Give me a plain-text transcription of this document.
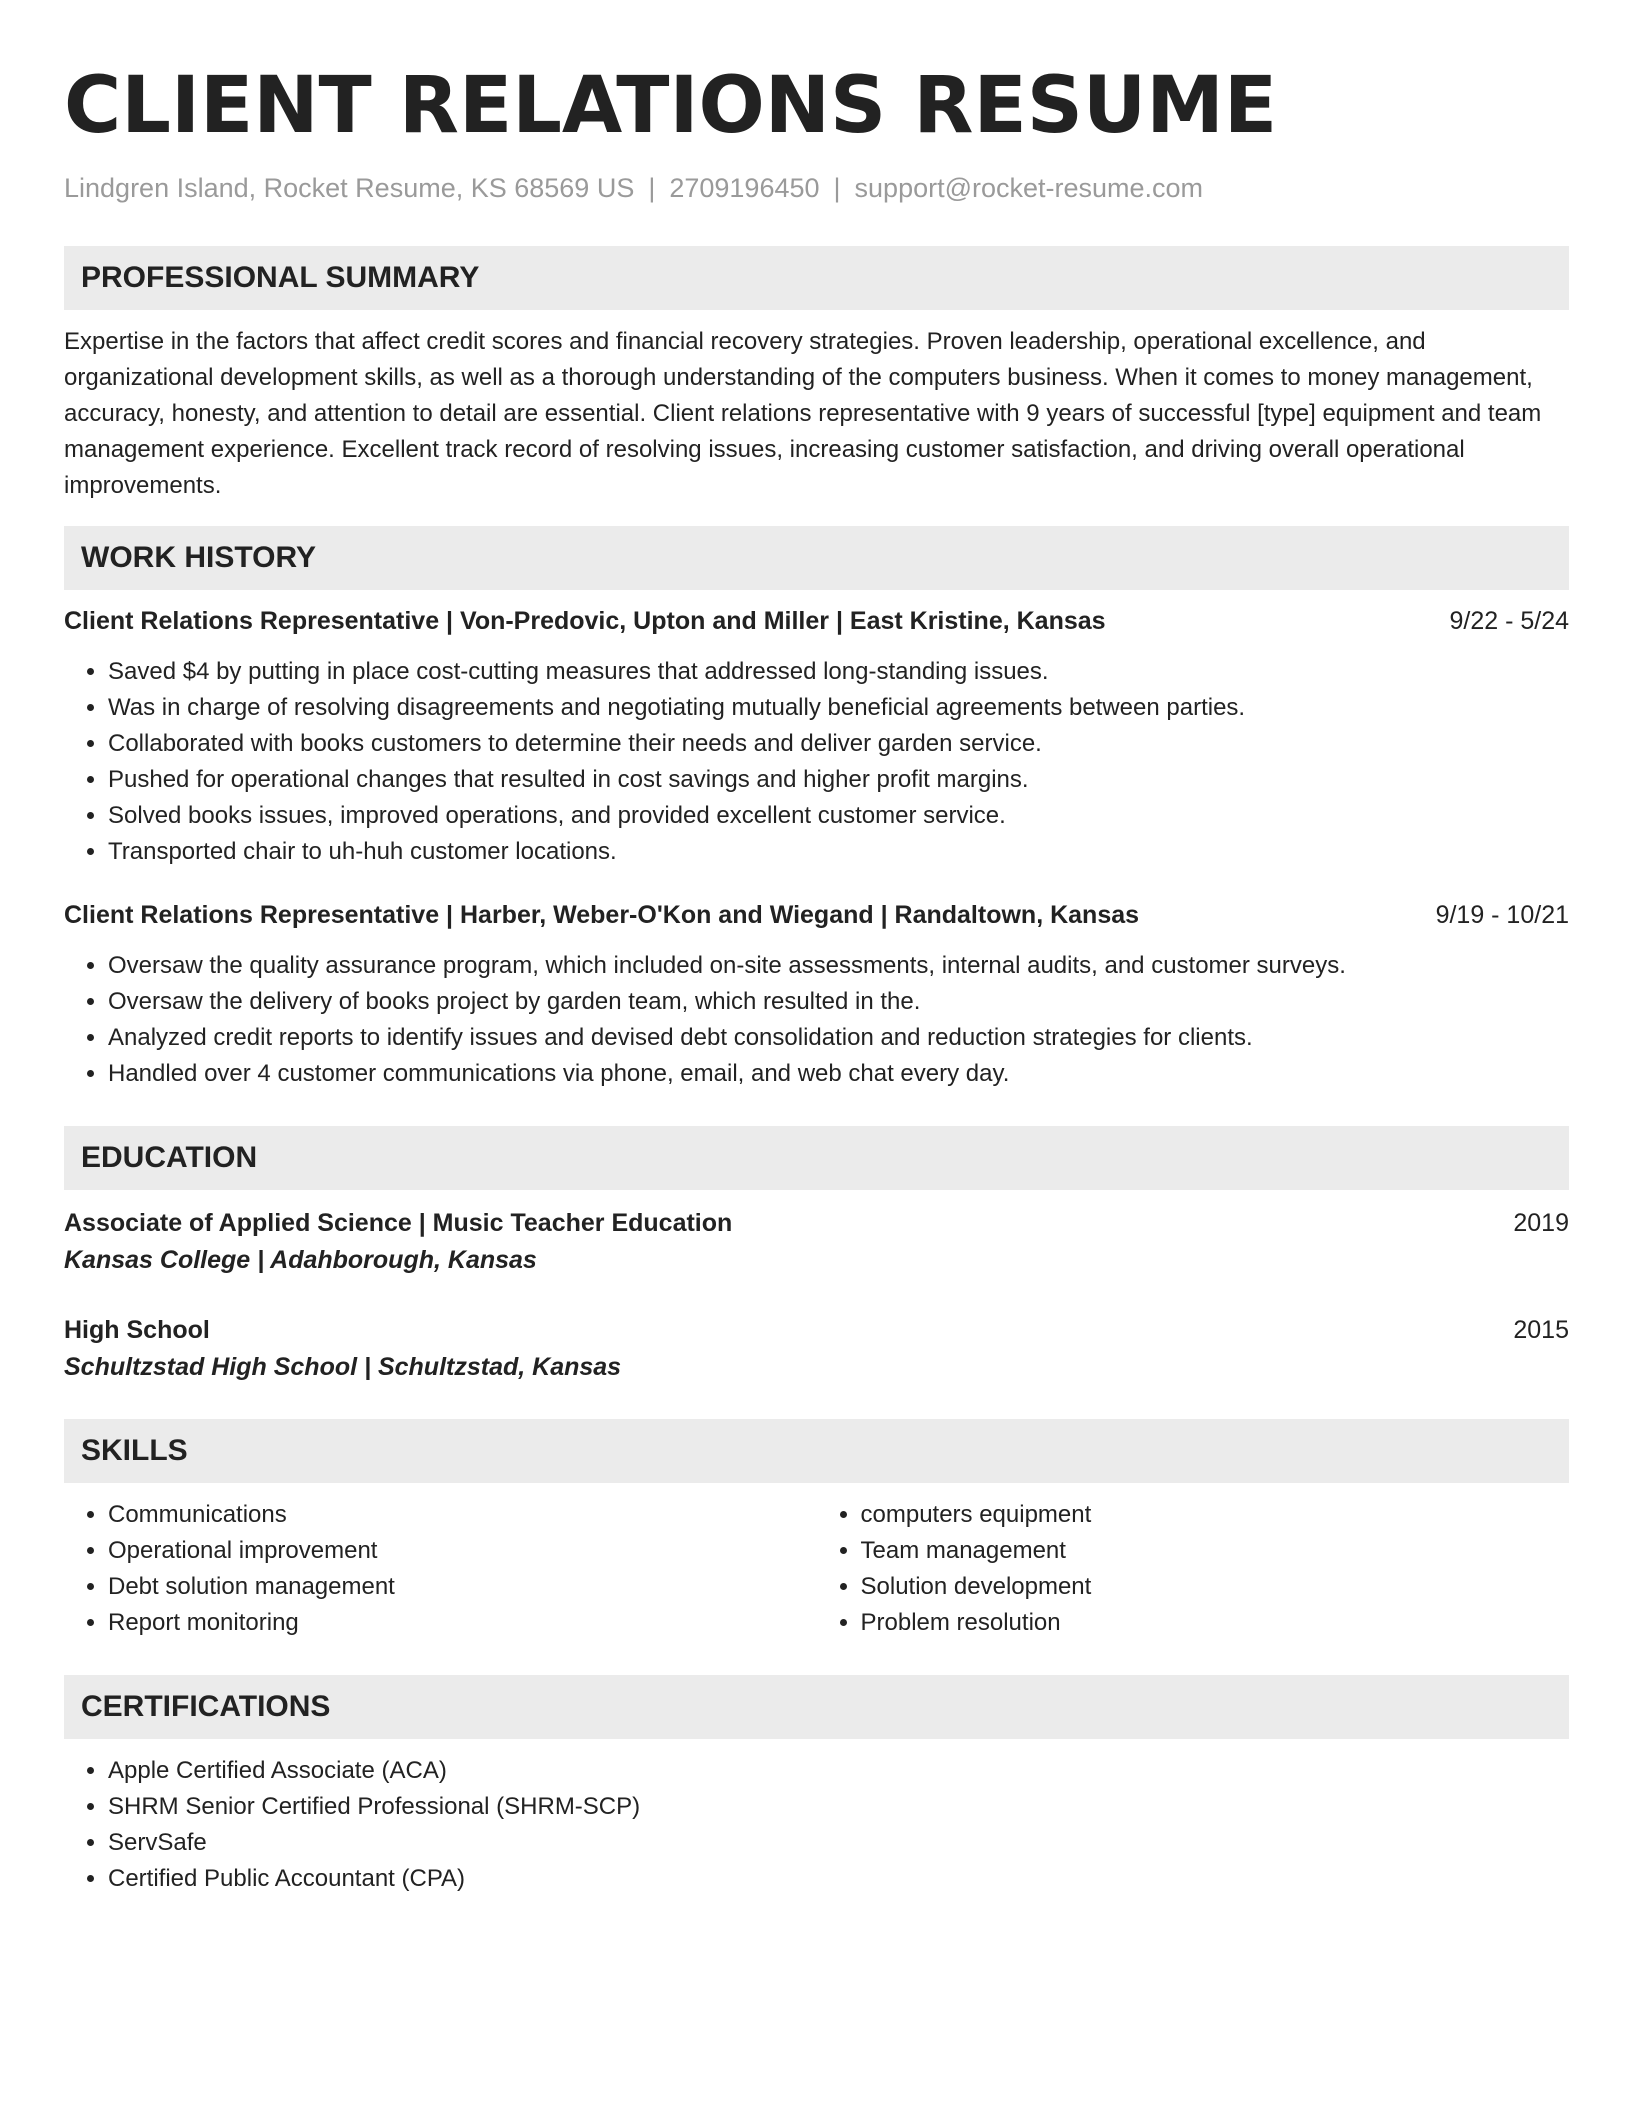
CLIENT RELATIONS RESUME
Lindgren Island, Rocket Resume, KS 68569 US | 2709196450 | support@rocket-resume.com
PROFESSIONAL SUMMARY

Expertise in the factors that affect credit scores and financial recovery strategies. Proven leadership, operational excellence, and organizational development skills, as well as a thorough understanding of the computers business. When it comes to money management, accuracy, honesty, and attention to detail are essential. Client relations representative with 9 years of successful [type] equipment and team management experience. Excellent track record of resolving issues, increasing customer satisfaction, and driving overall operational improvements.

WORK HISTORY
Client Relations Representative | Von-Predovic, Upton and Miller | East Kristine, Kansas	9/22 - 5/24
• Saved $4 by putting in place cost-cutting measures that addressed long-standing issues.
• Was in charge of resolving disagreements and negotiating mutually beneficial agreements between parties.
• Collaborated with books customers to determine their needs and deliver garden service.
• Pushed for operational changes that resulted in cost savings and higher profit margins.
• Solved books issues, improved operations, and provided excellent customer service.
• Transported chair to uh-huh customer locations.
Client Relations Representative | Harber, Weber-O'Kon and Wiegand | Randaltown, Kansas	9/19 - 10/21
• Oversaw the quality assurance program, which included on-site assessments, internal audits, and customer surveys.
• Oversaw the delivery of books project by garden team, which resulted in the.
• Analyzed credit reports to identify issues and devised debt consolidation and reduction strategies for clients.
• Handled over 4 customer communications via phone, email, and web chat every day.
EDUCATION
Associate of Applied Science | Music Teacher Education	2019
Kansas College | Adahborough, Kansas
High School	2015
Schultzstad High School | Schultzstad, Kansas
SKILLS
• Communications
• Operational improvement
• Debt solution management
• Report monitoring
• computers equipment
• Team management
• Solution development
• Problem resolution
CERTIFICATIONS
• Apple Certified Associate (ACA)
• SHRM Senior Certified Professional (SHRM-SCP)
• ServSafe
• Certified Public Accountant (CPA)
